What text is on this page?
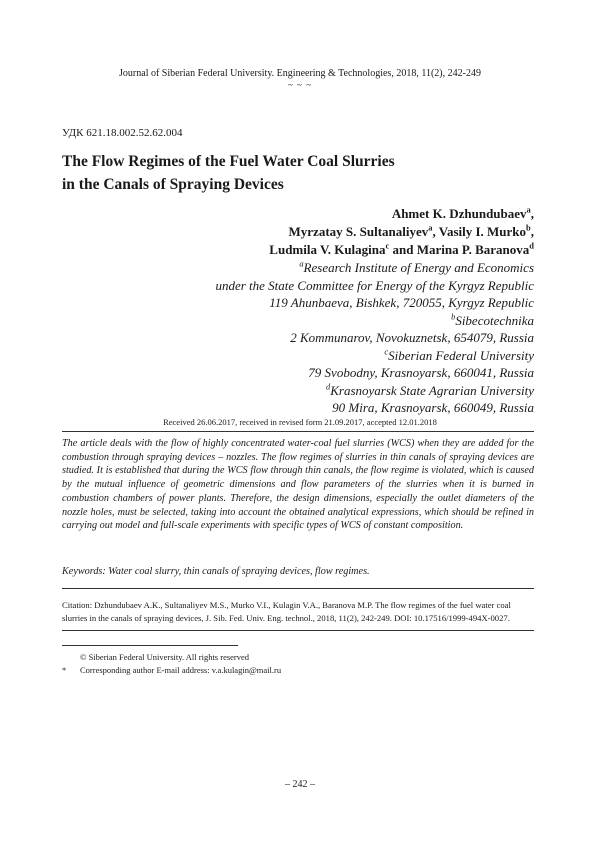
Journal of Siberian Federal University. Engineering & Technologies, 2018, 11(2), 242-249
~ ~ ~
УДК 621.18.002.52.62.004
The Flow Regimes of the Fuel Water Coal Slurries
in the Canals of Spraying Devices
Ahmet K. Dzhundubaev$^a$,
Myrzatay S. Sultanaliyev$^a$, Vasily I. Murko$^b$,
Ludmila V. Kulagina$^c$ and Marina P. Baranova$^d$
$^a$Research Institute of Energy and Economics
under the State Committee for Energy of the Kyrgyz Republic
119 Ahunbaeva, Bishkek, 720055, Kyrgyz Republic
$^b$Sibecotechnika
2 Kommunarov, Novokuznetsk, 654079, Russia
$^c$Siberian Federal University
79 Svobodny, Krasnoyarsk, 660041, Russia
$^d$Krasnoyarsk State Agrarian University
90 Mira, Krasnoyarsk, 660049, Russia
Received 26.06.2017, received in revised form 21.09.2017, accepted 12.01.2018
The article deals with the flow of highly concentrated water-coal fuel slurries (WCS) when they are added for the combustion through spraying devices – nozzles. The flow regimes of slurries in thin canals of spraying devices are studied. It is established that during the WCS flow through thin canals, the flow regime is violated, which is caused by the mutual influence of geometric dimensions and flow parameters of the slurries when it is burned in combustion chambers of power plants. Therefore, the design dimensions, especially the outlet diameters of the nozzle holes, must be selected, taking into account the obtained analytical expressions, which should be refined in carrying out model and full-scale experiments with specific types of WCS of constant composition.
Keywords: Water coal slurry, thin canals of spraying devices, flow regimes.
Citation: Dzhundubaev A.K., Sultanaliyev M.S., Murko V.I., Kulagin V.A., Baranova M.P. The flow regimes of the fuel water coal slurries in the canals of spraying devices, J. Sib. Fed. Univ. Eng. technol., 2018, 11(2), 242-249. DOI: 10.17516/1999-494X-0027.
© Siberian Federal University. All rights reserved
*	Corresponding author E-mail address: v.a.kulagin@mail.ru
– 242 –
